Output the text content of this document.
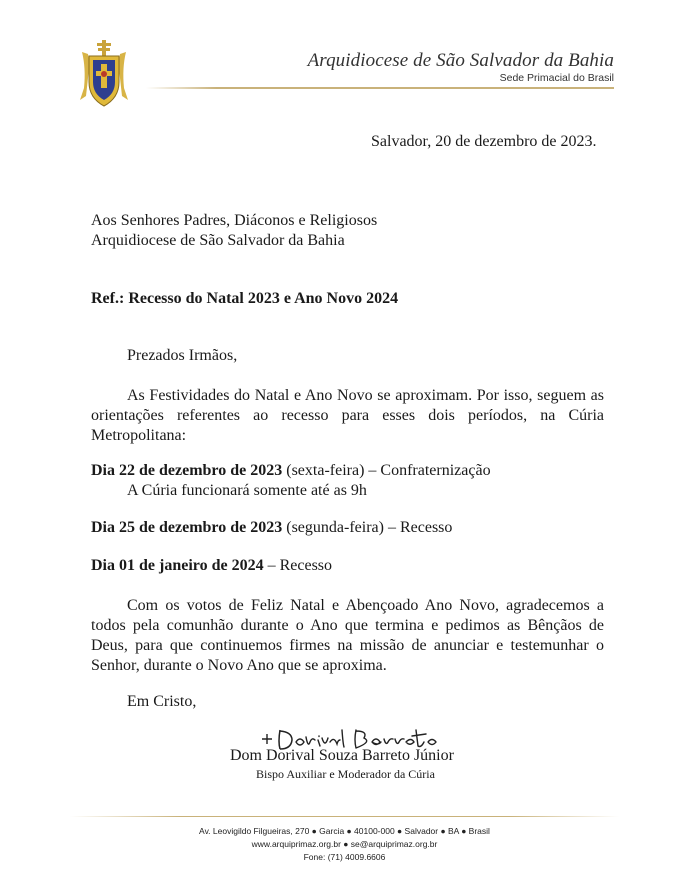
Arquidiocese de São Salvador da Bahia
Sede Primacial do Brasil
Salvador, 20 de dezembro de 2023.
Aos Senhores Padres, Diáconos e Religiosos
Arquidiocese de São Salvador da Bahia
Ref.: Recesso do Natal 2023 e Ano Novo 2024
Prezados Irmãos,
As Festividades do Natal e Ano Novo se aproximam. Por isso, seguem as orientações referentes ao recesso para esses dois períodos, na Cúria Metropolitana:
Dia 22 de dezembro de 2023 (sexta-feira) – Confraternização
A Cúria funcionará somente até as 9h
Dia 25 de dezembro de 2023 (segunda-feira) – Recesso
Dia 01 de janeiro de 2024 – Recesso
Com os votos de Feliz Natal e Abençoado Ano Novo, agradecemos a todos pela comunhão durante o Ano que termina e pedimos as Bênçãos de Deus, para que continuemos firmes na missão de anunciar e testemunhar o Senhor, durante o Novo Ano que se aproxima.
Em Cristo,
Dom Dorival Souza Barreto Júnior
Bispo Auxiliar e Moderador da Cúria
Av. Leovigildo Filgueiras, 270 ● Garcia ● 40100-000 ● Salvador ● BA ● Brasil
www.arquiprimaz.org.br ● se@arquiprimaz.org.br
Fone: (71) 4009.6606
